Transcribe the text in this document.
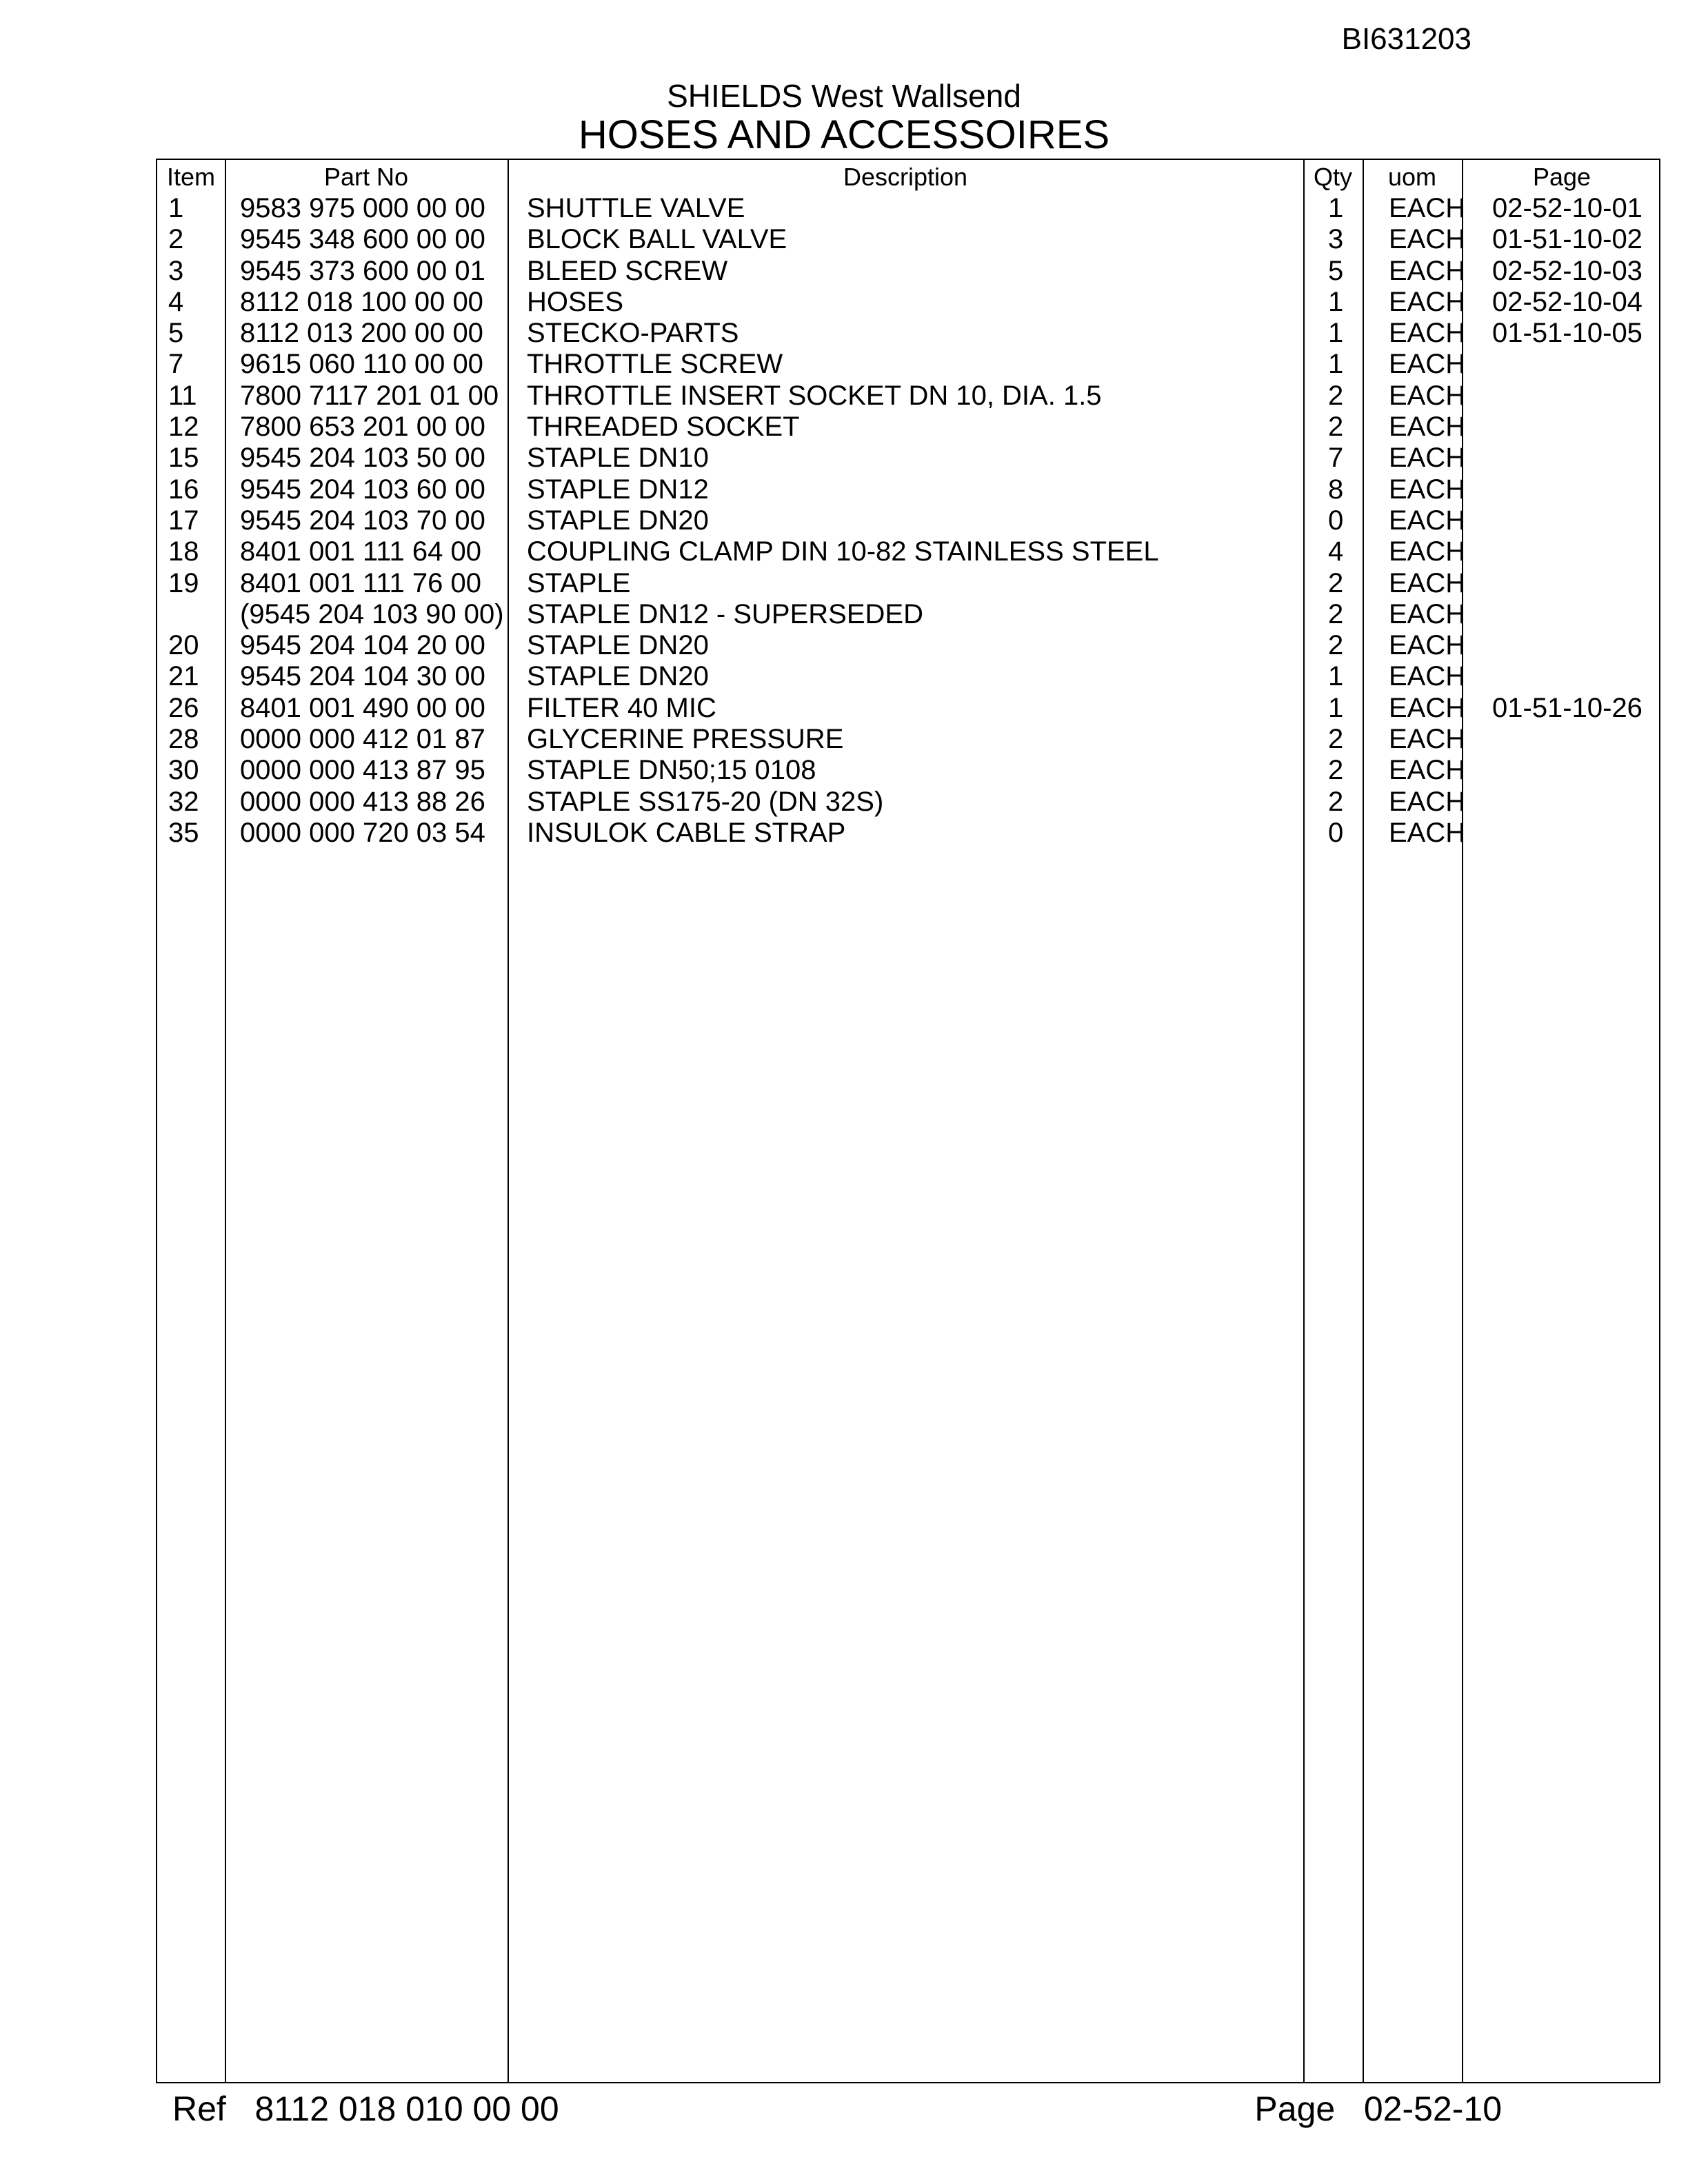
BI631203
SHIELDS West Wallsend
HOSES AND ACCESSOIRES
Item	Part No	Description	Qty	uom	Page
1 9583 975 000 00 00 SHUTTLE VALVE	1 EACH 02-52-10-01
2 9545 348 600 00 00 BLOCK BALL VALVE	3 EACH 01-51-10-02
3 9545 373 600 00 01 BLEED SCREW	5 EACH 02-52-10-03
4 8112 018 100 00 00 HOSES	1 EACH 02-52-10-04
5 8112 013 200 00 00 STECKO-PARTS	1 EACH 01-51-10-05
7 9615 060 110 00 00 THROTTLE SCREW	1 EACH
11 7800 7117 201 01 00 THROTTLE INSERT SOCKET DN 10, DIA. 1.5	2 EACH
12 7800 653 201 00 00 THREADED SOCKET	2 EACH
15 9545 204 103 50 00 STAPLE DN10	7 EACH
16 9545 204 103 60 00 STAPLE DN12	8 EACH
17 9545 204 103 70 00 STAPLE DN20	0 EACH
18 8401 001 111 64 00 COUPLING CLAMP DIN 10-82 STAINLESS STEEL	4 EACH
19 8401 001 111 76 00 STAPLE	2 EACH
(9545 204 103 90 00) STAPLE DN12 - SUPERSEDED	2 EACH
20 9545 204 104 20 00 STAPLE DN20	2 EACH
21 9545 204 104 30 00 STAPLE DN20	1 EACH
26 8401 001 490 00 00 FILTER 40 MIC	1 EACH 01-51-10-26
28 0000 000 412 01 87 GLYCERINE PRESSURE	2 EACH
30 0000 000 413 87 95 STAPLE DN50;15 0108	2 EACH
32 0000 000 413 88 26 STAPLE SS175-20 (DN 32S)	2 EACH
35 0000 000 720 03 54 INSULOK CABLE STRAP	0 EACH
Ref   8112 018 010 00 00	Page   02-52-10
